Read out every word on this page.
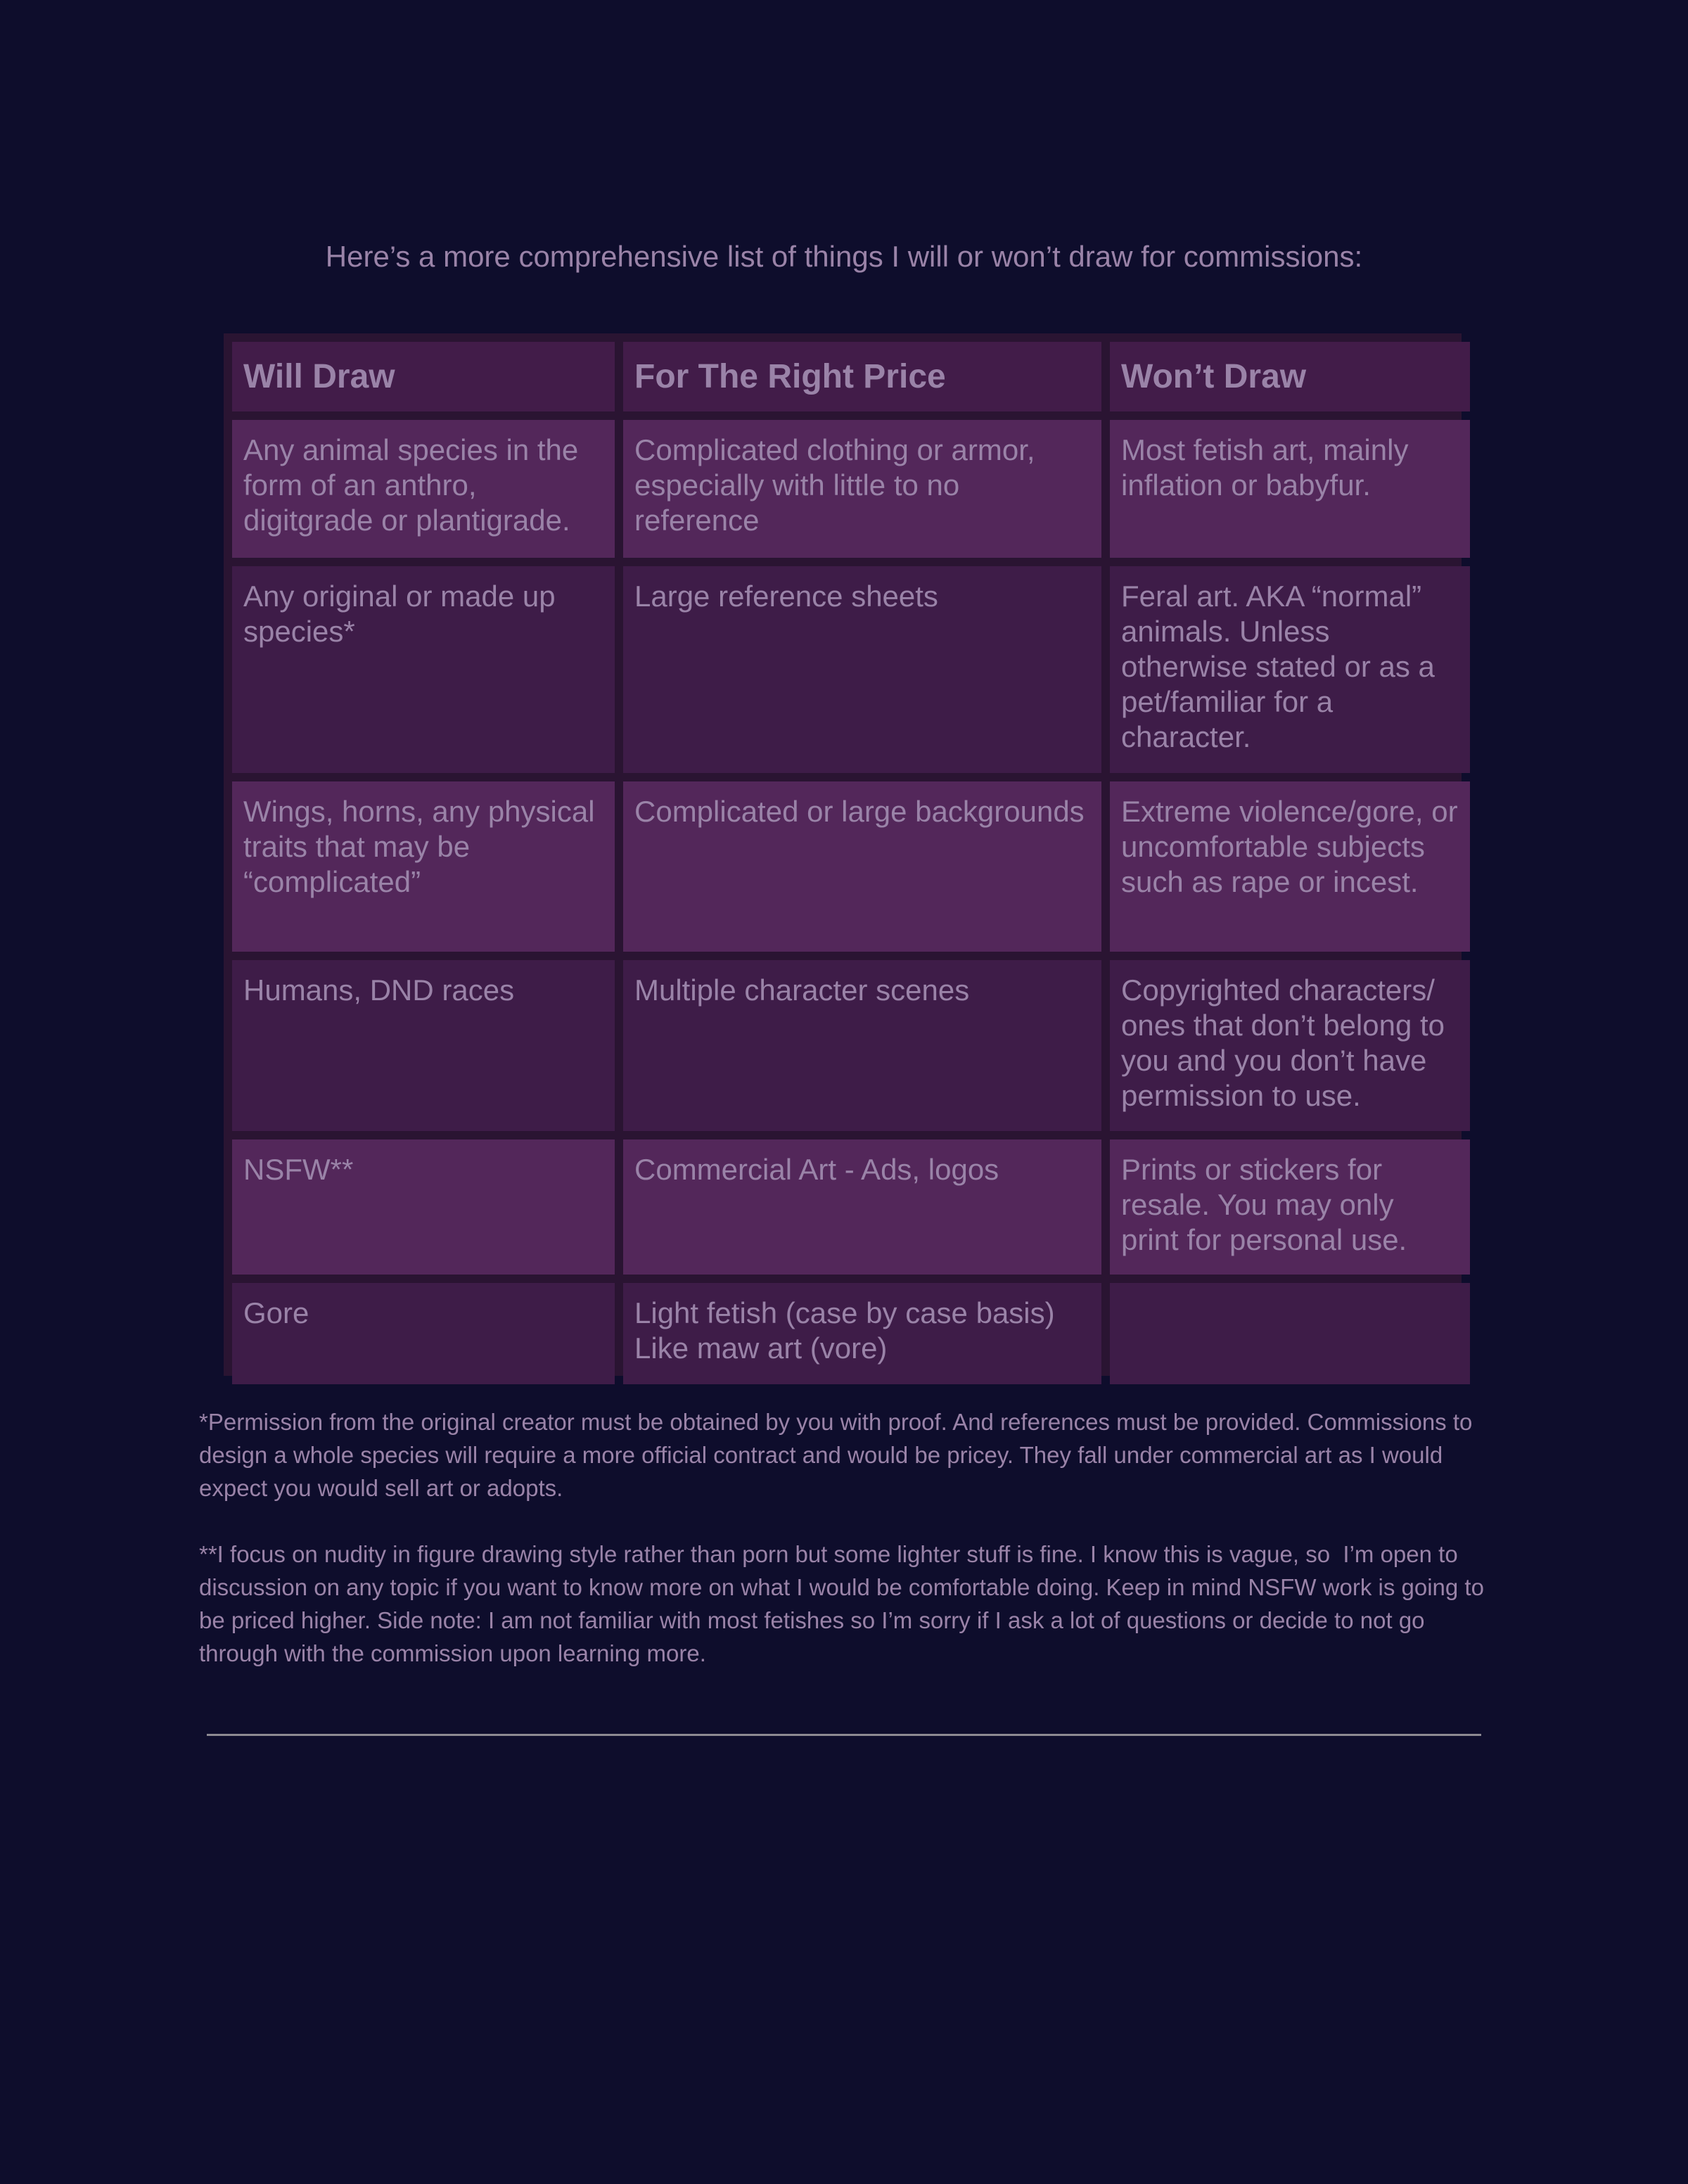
Here’s a more comprehensive list of things I will or won’t draw for commissions:
Will Draw	For The Right Price	Won’t Draw
Any animal species in the form of an anthro, digitgrade or plantigrade.	Complicated clothing or armor, especially with little to no reference	Most fetish art, mainly inflation or babyfur.
Any original or made up species*	Large reference sheets	Feral art. AKA “normal” animals. Unless otherwise stated or as a pet/familiar for a character.
Wings, horns, any physical traits that may be “complicated”	Complicated or large backgrounds	Extreme violence/gore, or uncomfortable subjects such as rape or incest.
Humans, DND races	Multiple character scenes	Copyrighted characters/ ones that don’t belong to you and you don’t have permission to use.
NSFW**	Commercial Art - Ads, logos	Prints or stickers for resale. You may only print for personal use.
Gore	Light fetish (case by case basis) Like maw art (vore)	

*Permission from the original creator must be obtained by you with proof. And references must be provided. Commissions to design a whole species will require a more official contract and would be pricey. They fall under commercial art as I would expect you would sell art or adopts.

**I focus on nudity in figure drawing style rather than porn but some lighter stuff is fine. I know this is vague, so  I’m open to discussion on any topic if you want to know more on what I would be comfortable doing. Keep in mind NSFW work is going to be priced higher. Side note: I am not familiar with most fetishes so I’m sorry if I ask a lot of questions or decide to not go through with the commission upon learning more.
